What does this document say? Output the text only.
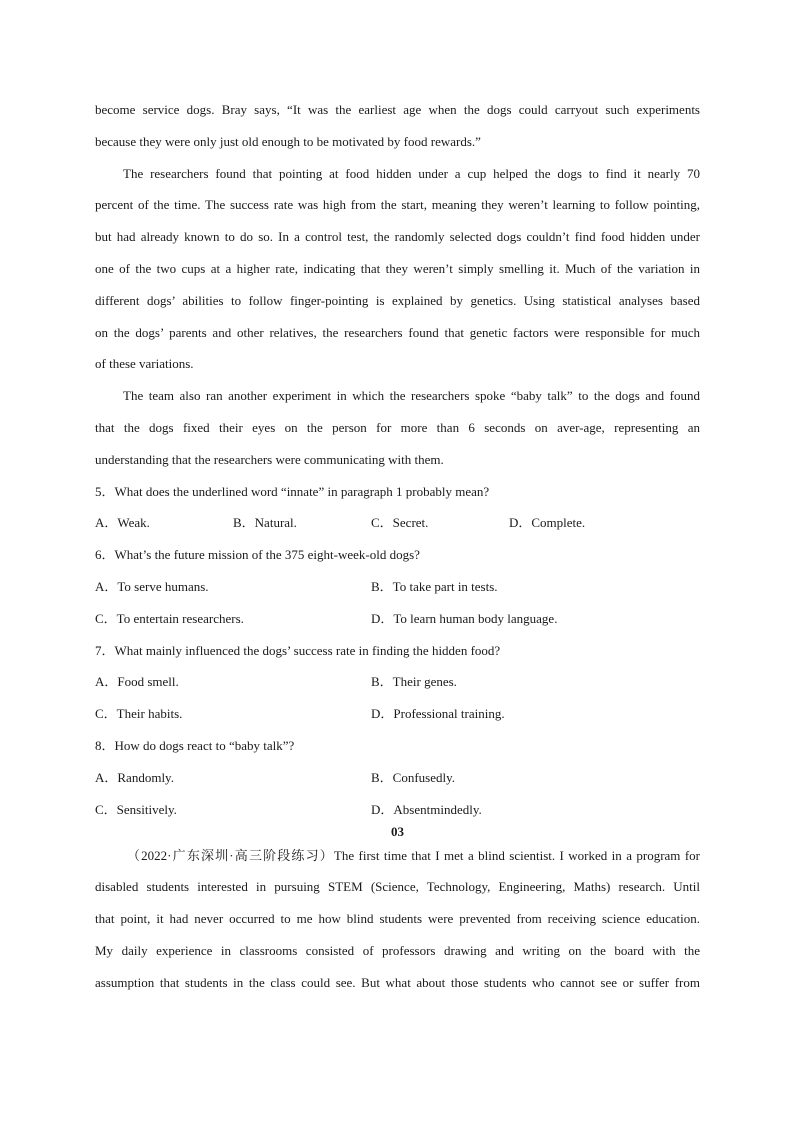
become service dogs. Bray says, “It was the earliest age when the dogs could carryout such experiments
because they were only just old enough to be motivated by food rewards.”
The researchers found that pointing at food hidden under a cup helped the dogs to find it nearly 70
percent of the time. The success rate was high from the start, meaning they weren’t learning to follow pointing,
but had already known to do so. In a control test, the randomly selected dogs couldn’t find food hidden under
one of the two cups at a higher rate, indicating that they weren’t simply smelling it. Much of the variation in
different dogs’ abilities to follow finger-pointing is explained by genetics. Using statistical analyses based
on the dogs’ parents and other relatives, the researchers found that genetic factors were responsible for much
of these variations.
The team also ran another experiment in which the researchers spoke “baby talk” to the dogs and found
that the dogs fixed their eyes on the person for more than 6 seconds on aver-age, representing an
understanding that the researchers were communicating with them.
5．What does the underlined word “innate” in paragraph 1 probably mean?
A．Weak.	B．Natural.	C．Secret.	D．Complete.
6．What’s the future mission of the 375 eight-week-old dogs?
A．To serve humans.	B．To take part in tests.
C．To entertain researchers.	D．To learn human body language.
7．What mainly influenced the dogs’ success rate in finding the hidden food?
A．Food smell.	B．Their genes.
C．Their habits.	D．Professional training.
8．How do dogs react to “baby talk”?
A．Randomly.	B．Confusedly.
C．Sensitively.	D．Absentmindedly.
03
（2022·广东深圳·高三阶段练习）The first time that I met a blind scientist. I worked in a program for
disabled students interested in pursuing STEM (Science, Technology, Engineering, Maths) research. Until
that point, it had never occurred to me how blind students were prevented from receiving science education.
My daily experience in classrooms consisted of professors drawing and writing on the board with the
assumption that students in the class could see. But what about those students who cannot see or suffer from
